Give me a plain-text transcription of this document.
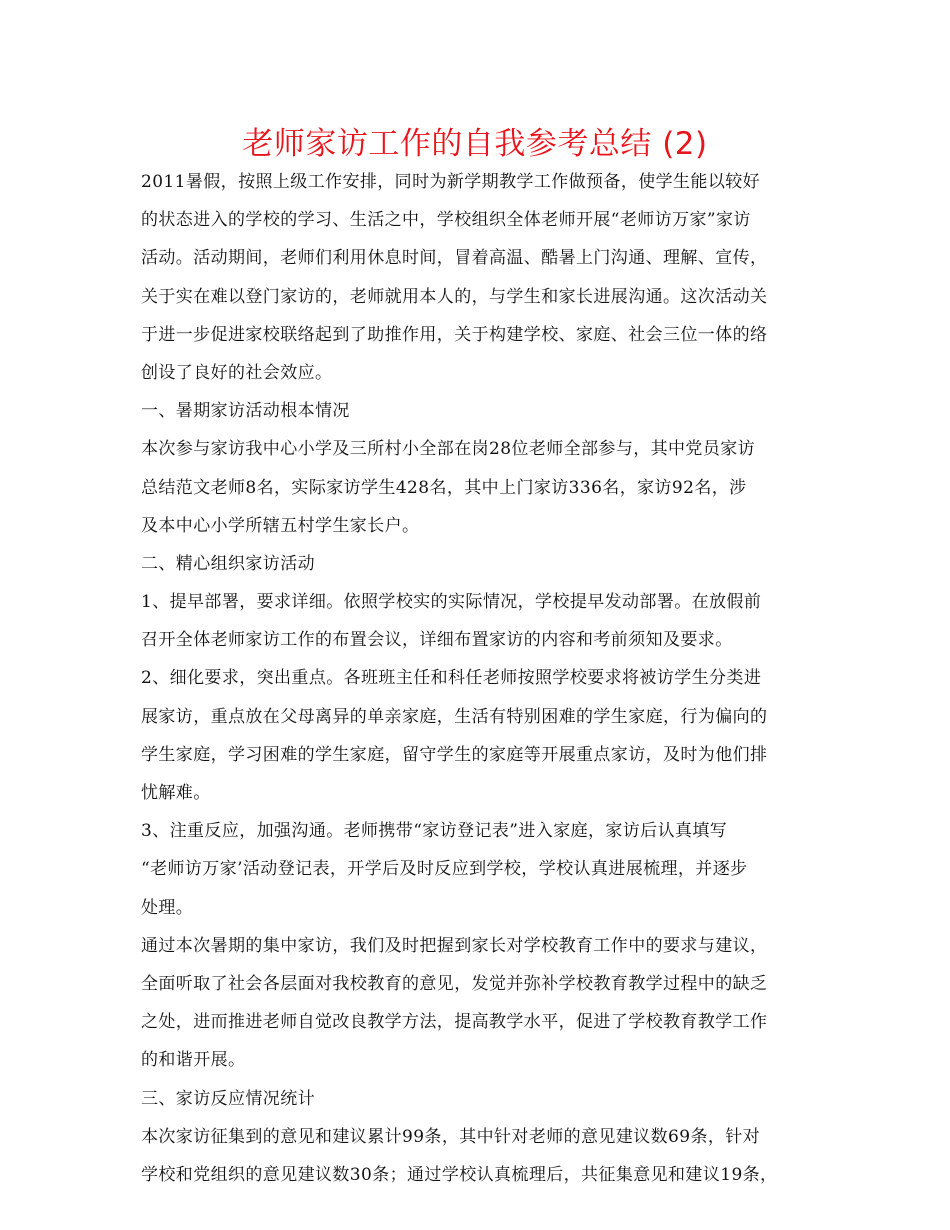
老师家访工作的自我参考总结 (2)
2011暑假，按照上级工作安排，同时为新学期教学工作做预备，使学生能以较好
的状态进入的学校的学习、生活之中，学校组织全体老师开展“老师访万家”家访
活动。活动期间，老师们利用休息时间，冒着高温、酷暑上门沟通、理解、宣传，
关于实在难以登门家访的，老师就用本人的，与学生和家长进展沟通。这次活动关
于进一步促进家校联络起到了助推作用，关于构建学校、家庭、社会三位一体的络
创设了良好的社会效应。
一、暑期家访活动根本情况
本次参与家访我中心小学及三所村小全部在岗28位老师全部参与，其中党员家访
总结范文老师8名，实际家访学生428名，其中上门家访336名，家访92名，涉
及本中心小学所辖五村学生家长户。
二、精心组织家访活动
1、提早部署，要求详细。依照学校实的实际情况，学校提早发动部署。在放假前
召开全体老师家访工作的布置会议，详细布置家访的内容和考前须知及要求。
2、细化要求，突出重点。各班班主任和科任老师按照学校要求将被访学生分类进
展家访，重点放在父母离异的单亲家庭，生活有特别困难的学生家庭，行为偏向的
学生家庭，学习困难的学生家庭，留守学生的家庭等开展重点家访，及时为他们排
忧解难。
3、注重反应，加强沟通。老师携带“家访登记表”进入家庭，家访后认真填写
“老师访万家’活动登记表，开学后及时反应到学校，学校认真进展梳理，并逐步
处理。
通过本次暑期的集中家访，我们及时把握到家长对学校教育工作中的要求与建议，
全面听取了社会各层面对我校教育的意见，发觉并弥补学校教育教学过程中的缺乏
之处，进而推进老师自觉改良教学方法，提高教学水平，促进了学校教育教学工作
的和谐开展。
三、家访反应情况统计
本次家访征集到的意见和建议累计99条，其中针对老师的意见建议数69条，针对
学校和党组织的意见建议数30条；通过学校认真梳理后，共征集意见和建议19条，
